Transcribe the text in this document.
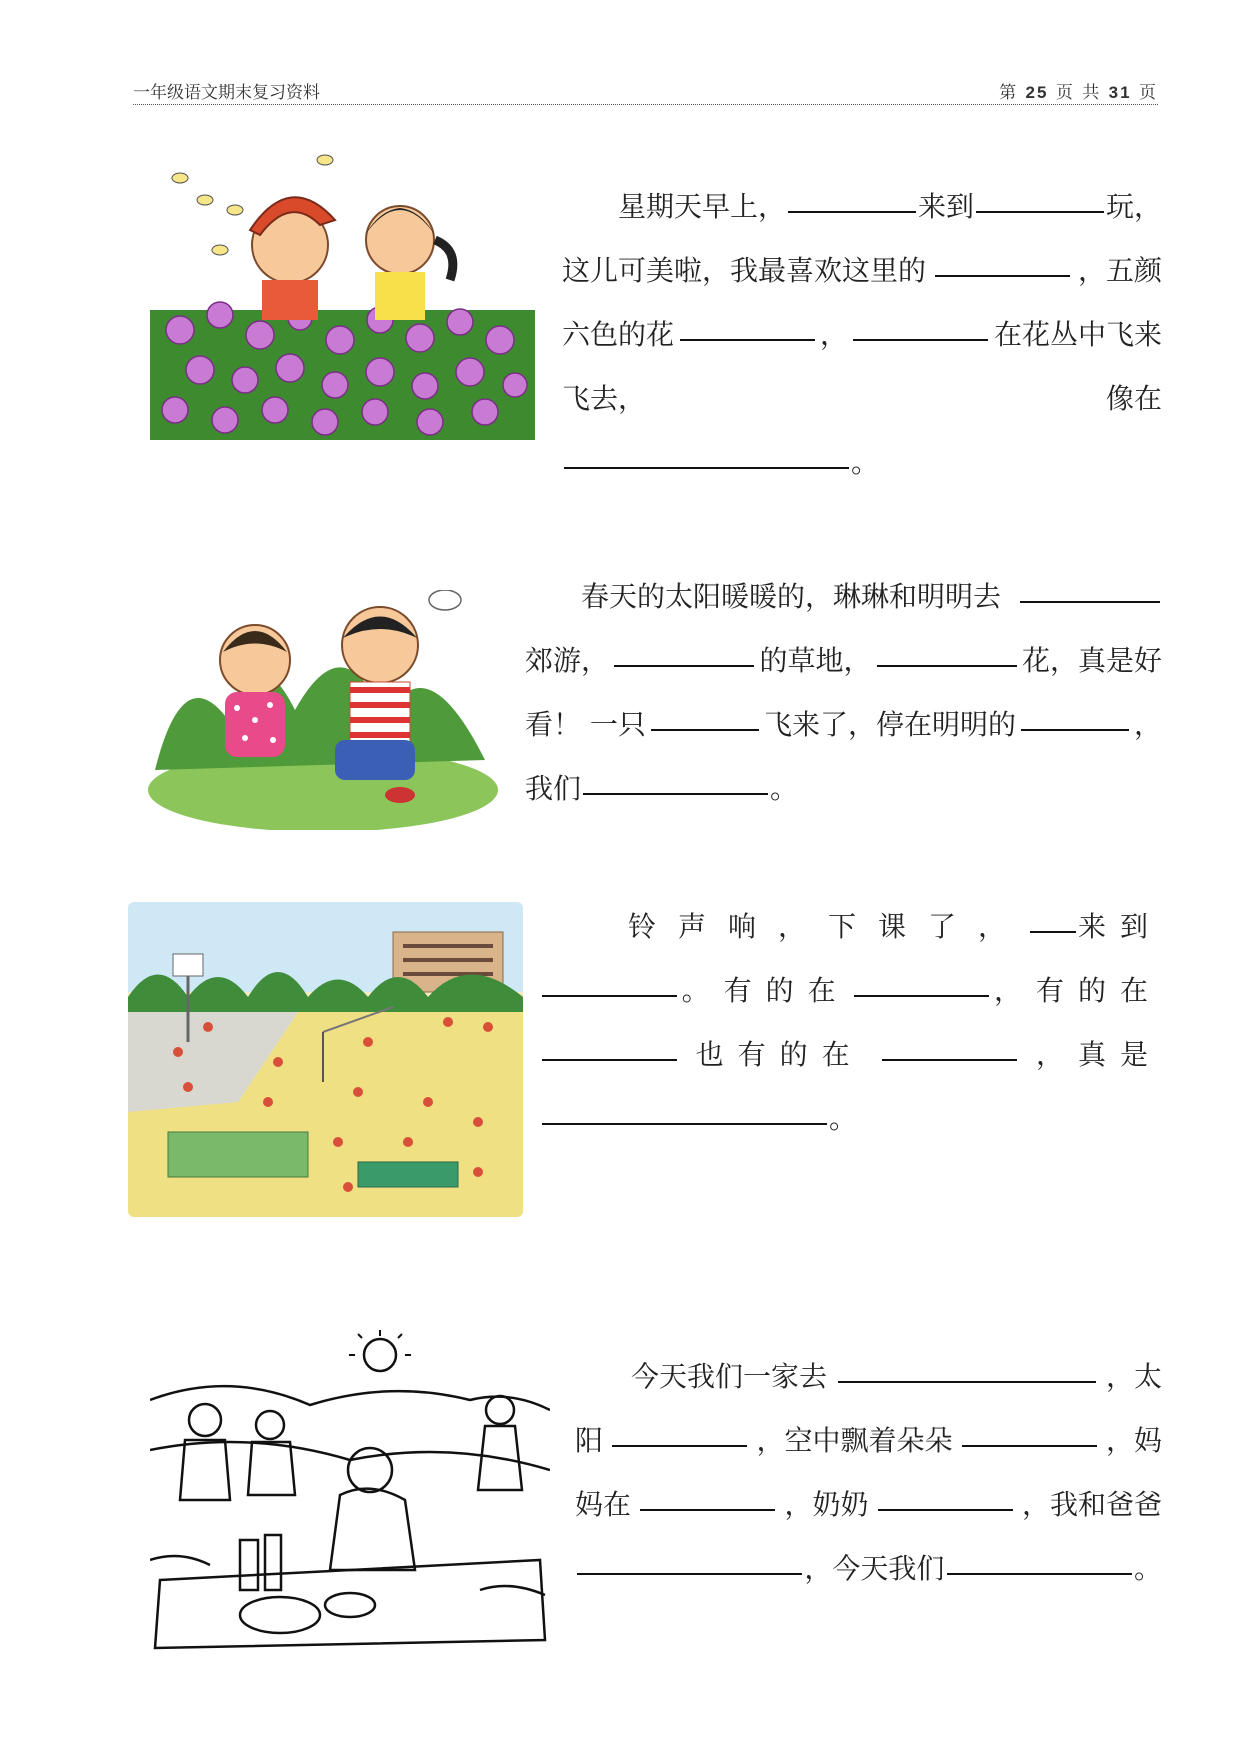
一年级语文期末复习资料	第 25 页 共 31 页
星期天早上，	来到	玩，
这儿可美啦，我最喜欢这里的	，五颜
六色的花	，	在花丛中飞来
飞去，	像在
。
春天的太阳暖暖的，琳琳和明明去
郊游，	的草地，	花，真是好
看！ 一只	飞来了，停在明明的	，
我们	。
铃声响，下课了， 来到
。有的在	，有的在
也有的在	，真是
。
今天我们一家去	，太
阳	，空中飘着朵朵	，妈
妈在	，奶奶	，我和爸爸
，今天我们	。
